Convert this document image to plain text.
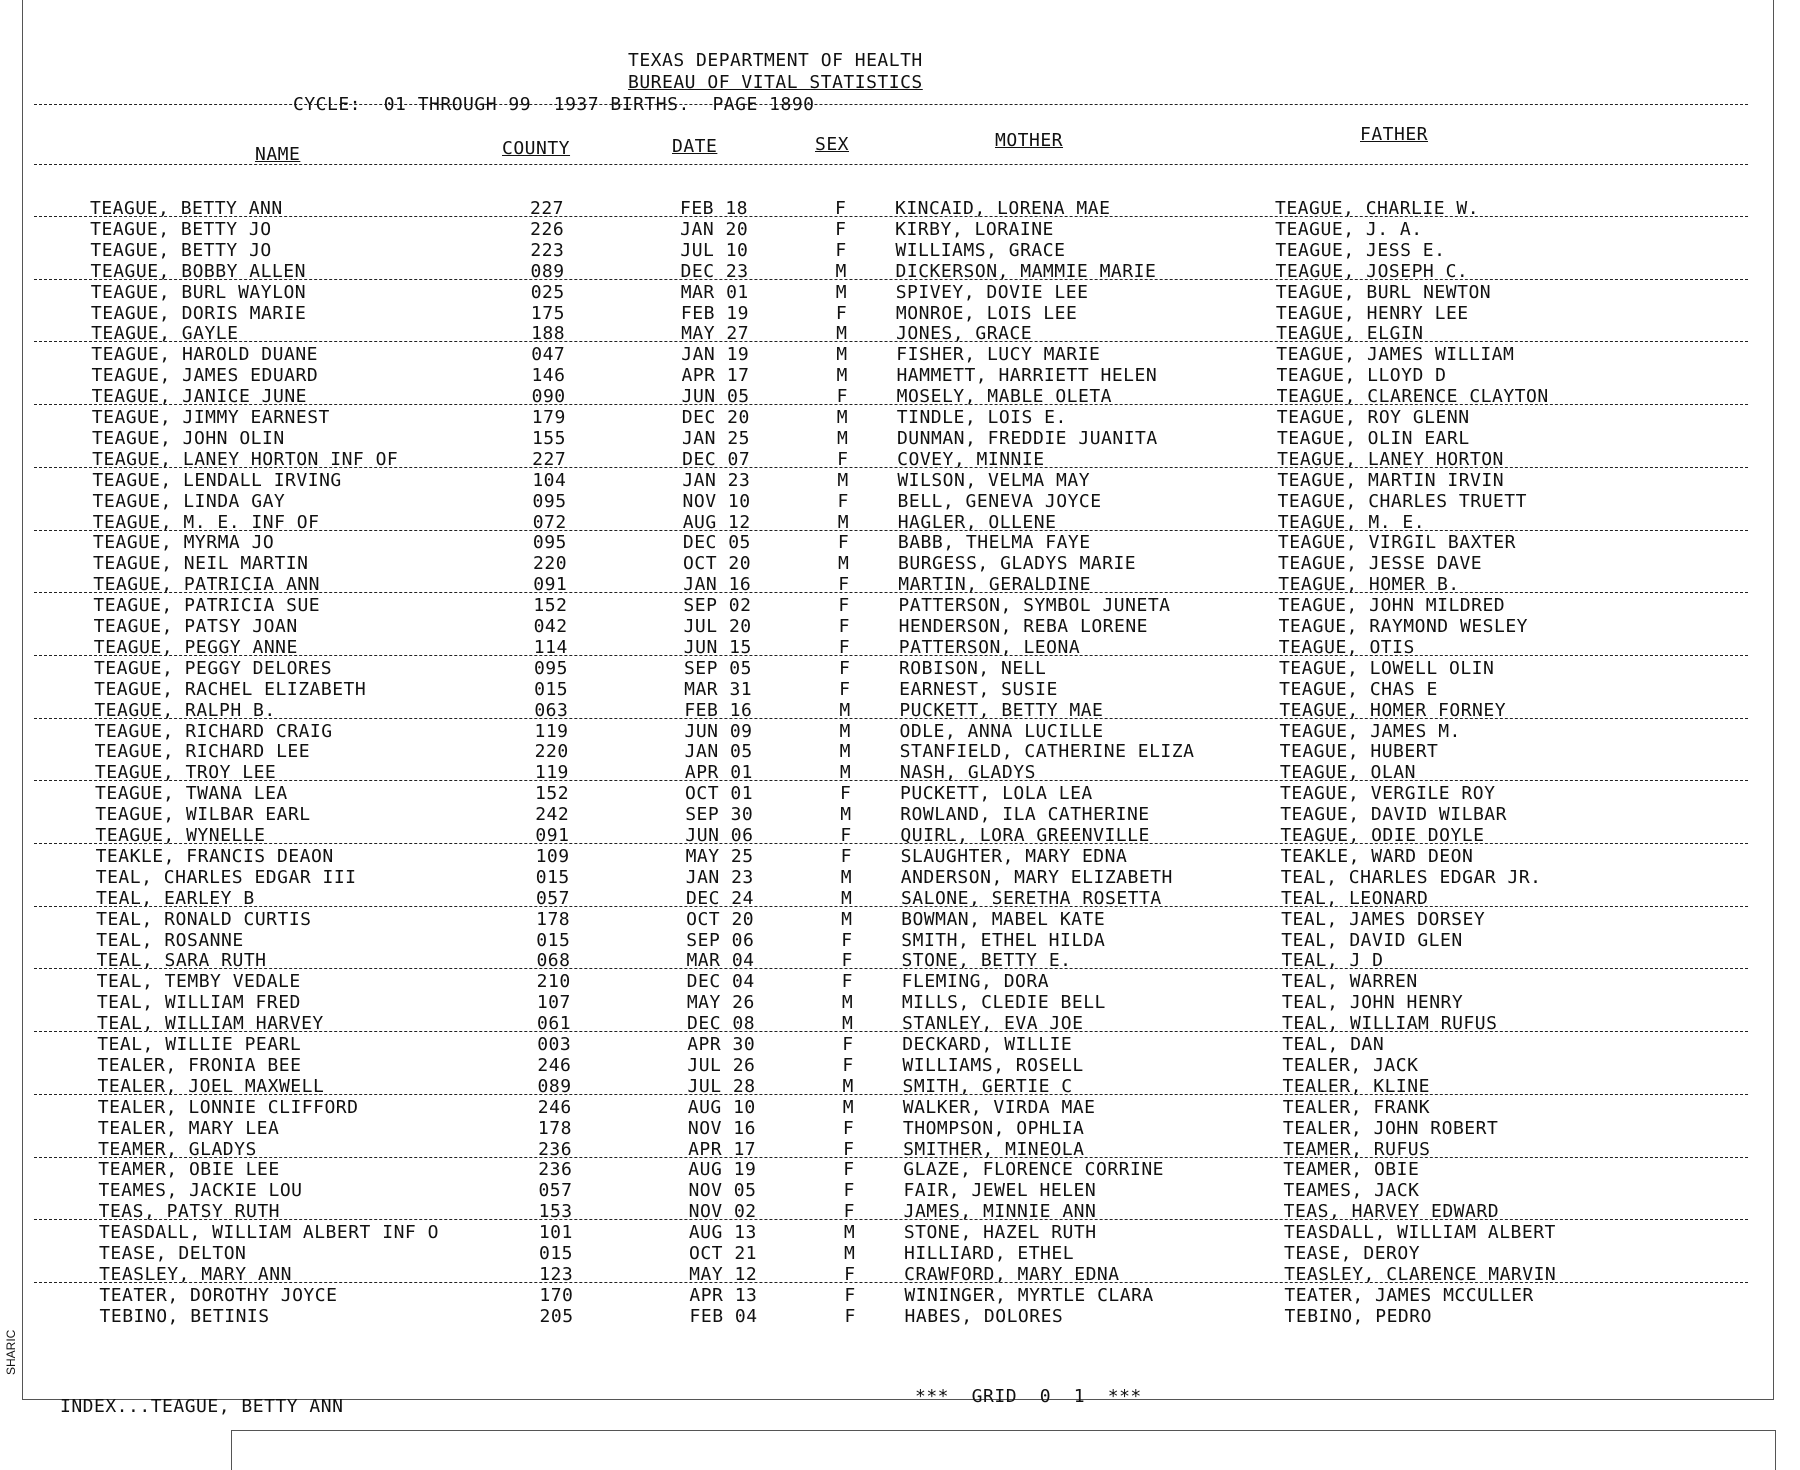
SHARIC
TEXAS DEPARTMENT OF HEALTH
BUREAU OF VITAL STATISTICS
CYCLE:  01 THROUGH 99  1937 BIRTHS.  PAGE 1890
NAME	COUNTY	DATE	SEX	MOTHER	FATHER
TEAGUE, BETTY ANN	227	FEB 18	F	KINCAID, LORENA MAE	TEAGUE, CHARLIE W.
TEAGUE, BETTY JO	226	JAN 20	F	KIRBY, LORAINE	TEAGUE, J. A.
TEAGUE, BETTY JO	223	JUL 10	F	WILLIAMS, GRACE	TEAGUE, JESS E.
TEAGUE, BOBBY ALLEN	089	DEC 23	M	DICKERSON, MAMMIE MARIE	TEAGUE, JOSEPH C.
TEAGUE, BURL WAYLON	025	MAR 01	M	SPIVEY, DOVIE LEE	TEAGUE, BURL NEWTON
TEAGUE, DORIS MARIE	175	FEB 19	F	MONROE, LOIS LEE	TEAGUE, HENRY LEE
TEAGUE, GAYLE	188	MAY 27	M	JONES, GRACE	TEAGUE, ELGIN
TEAGUE, HAROLD DUANE	047	JAN 19	M	FISHER, LUCY MARIE	TEAGUE, JAMES WILLIAM
TEAGUE, JAMES EDUARD	146	APR 17	M	HAMMETT, HARRIETT HELEN	TEAGUE, LLOYD D
TEAGUE, JANICE JUNE	090	JUN 05	F	MOSELY, MABLE OLETA	TEAGUE, CLARENCE CLAYTON
TEAGUE, JIMMY EARNEST	179	DEC 20	M	TINDLE, LOIS E.	TEAGUE, ROY GLENN
TEAGUE, JOHN OLIN	155	JAN 25	M	DUNMAN, FREDDIE JUANITA	TEAGUE, OLIN EARL
TEAGUE, LANEY HORTON INF OF	227	DEC 07	F	COVEY, MINNIE	TEAGUE, LANEY HORTON
TEAGUE, LENDALL IRVING	104	JAN 23	M	WILSON, VELMA MAY	TEAGUE, MARTIN IRVIN
TEAGUE, LINDA GAY	095	NOV 10	F	BELL, GENEVA JOYCE	TEAGUE, CHARLES TRUETT
TEAGUE, M. E. INF OF	072	AUG 12	M	HAGLER, OLLENE	TEAGUE, M. E.
TEAGUE, MYRMA JO	095	DEC 05	F	BABB, THELMA FAYE	TEAGUE, VIRGIL BAXTER
TEAGUE, NEIL MARTIN	220	OCT 20	M	BURGESS, GLADYS MARIE	TEAGUE, JESSE DAVE
TEAGUE, PATRICIA ANN	091	JAN 16	F	MARTIN, GERALDINE	TEAGUE, HOMER B.
TEAGUE, PATRICIA SUE	152	SEP 02	F	PATTERSON, SYMBOL JUNETA	TEAGUE, JOHN MILDRED
TEAGUE, PATSY JOAN	042	JUL 20	F	HENDERSON, REBA LORENE	TEAGUE, RAYMOND WESLEY
TEAGUE, PEGGY ANNE	114	JUN 15	F	PATTERSON, LEONA	TEAGUE, OTIS
TEAGUE, PEGGY DELORES	095	SEP 05	F	ROBISON, NELL	TEAGUE, LOWELL OLIN
TEAGUE, RACHEL ELIZABETH	015	MAR 31	F	EARNEST, SUSIE	TEAGUE, CHAS E
TEAGUE, RALPH B.	063	FEB 16	M	PUCKETT, BETTY MAE	TEAGUE, HOMER FORNEY
TEAGUE, RICHARD CRAIG	119	JUN 09	M	ODLE, ANNA LUCILLE	TEAGUE, JAMES M.
TEAGUE, RICHARD LEE	220	JAN 05	M	STANFIELD, CATHERINE ELIZA	TEAGUE, HUBERT
TEAGUE, TROY LEE	119	APR 01	M	NASH, GLADYS	TEAGUE, OLAN
TEAGUE, TWANA LEA	152	OCT 01	F	PUCKETT, LOLA LEA	TEAGUE, VERGILE ROY
TEAGUE, WILBAR EARL	242	SEP 30	M	ROWLAND, ILA CATHERINE	TEAGUE, DAVID WILBAR
TEAGUE, WYNELLE	091	JUN 06	F	QUIRL, LORA GREENVILLE	TEAGUE, ODIE DOYLE
TEAKLE, FRANCIS DEAON	109	MAY 25	F	SLAUGHTER, MARY EDNA	TEAKLE, WARD DEON
TEAL, CHARLES EDGAR III	015	JAN 23	M	ANDERSON, MARY ELIZABETH	TEAL, CHARLES EDGAR JR.
TEAL, EARLEY B	057	DEC 24	M	SALONE, SERETHA ROSETTA	TEAL, LEONARD
TEAL, RONALD CURTIS	178	OCT 20	M	BOWMAN, MABEL KATE	TEAL, JAMES DORSEY
TEAL, ROSANNE	015	SEP 06	F	SMITH, ETHEL HILDA	TEAL, DAVID GLEN
TEAL, SARA RUTH	068	MAR 04	F	STONE, BETTY E.	TEAL, J D
TEAL, TEMBY VEDALE	210	DEC 04	F	FLEMING, DORA	TEAL, WARREN
TEAL, WILLIAM FRED	107	MAY 26	M	MILLS, CLEDIE BELL	TEAL, JOHN HENRY
TEAL, WILLIAM HARVEY	061	DEC 08	M	STANLEY, EVA JOE	TEAL, WILLIAM RUFUS
TEAL, WILLIE PEARL	003	APR 30	F	DECKARD, WILLIE	TEAL, DAN
TEALER, FRONIA BEE	246	JUL 26	F	WILLIAMS, ROSELL	TEALER, JACK
TEALER, JOEL MAXWELL	089	JUL 28	M	SMITH, GERTIE C	TEALER, KLINE
TEALER, LONNIE CLIFFORD	246	AUG 10	M	WALKER, VIRDA MAE	TEALER, FRANK
TEALER, MARY LEA	178	NOV 16	F	THOMPSON, OPHLIA	TEALER, JOHN ROBERT
TEAMER, GLADYS	236	APR 17	F	SMITHER, MINEOLA	TEAMER, RUFUS
TEAMER, OBIE LEE	236	AUG 19	F	GLAZE, FLORENCE CORRINE	TEAMER, OBIE
TEAMES, JACKIE LOU	057	NOV 05	F	FAIR, JEWEL HELEN	TEAMES, JACK
TEAS, PATSY RUTH	153	NOV 02	F	JAMES, MINNIE ANN	TEAS, HARVEY EDWARD
TEASDALL, WILLIAM ALBERT INF O	101	AUG 13	M	STONE, HAZEL RUTH	TEASDALL, WILLIAM ALBERT
TEASE, DELTON	015	OCT 21	M	HILLIARD, ETHEL	TEASE, DEROY
TEASLEY, MARY ANN	123	MAY 12	F	CRAWFORD, MARY EDNA	TEASLEY, CLARENCE MARVIN
TEATER, DOROTHY JOYCE	170	APR 13	F	WININGER, MYRTLE CLARA	TEATER, JAMES MCCULLER
TEBINO, BETINIS	205	FEB 04	F	HABES, DOLORES	TEBINO, PEDRO
INDEX...TEAGUE, BETTY ANN	***  GRID  0  1  ***
